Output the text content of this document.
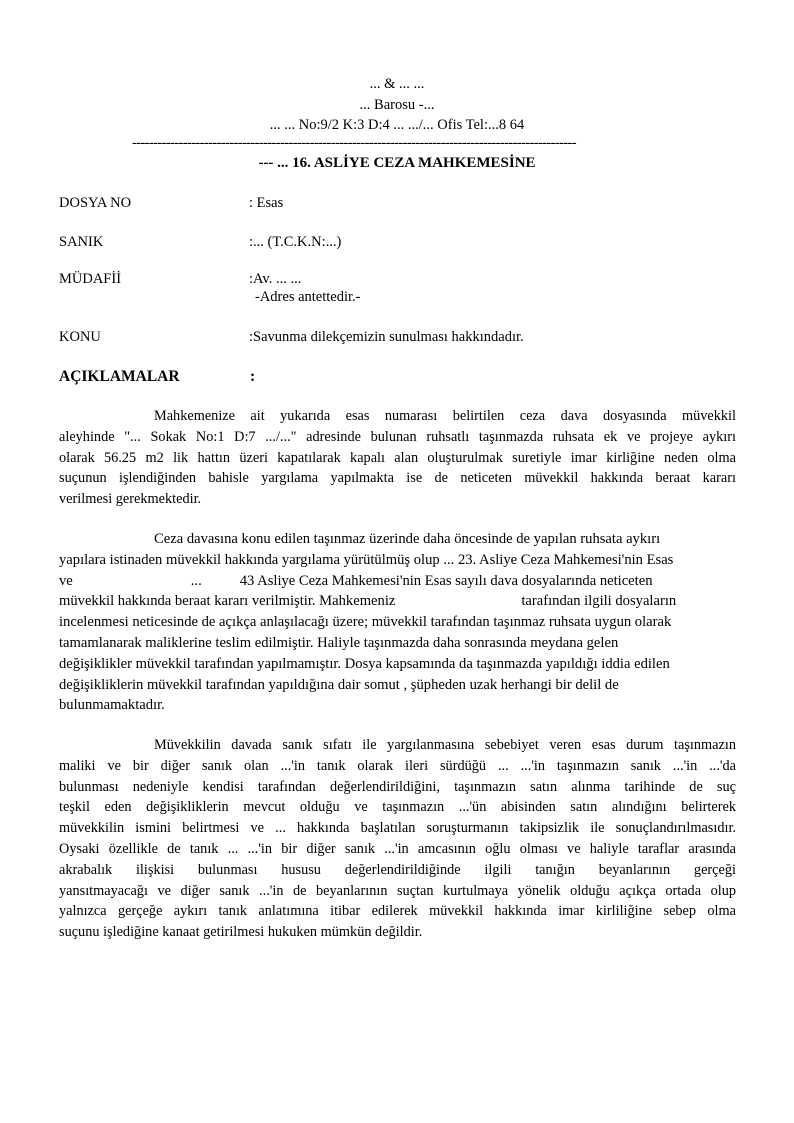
... & ... ...
... Barosu -...
... ... No:9/2 K:3 D:4 ... .../... Ofis Tel:...8 64
---------------------------------------------------------------------------------------------------------
--- ... 16. ASLİYE CEZA MAHKEMESİNE
DOSYA NO	: Esas
SANIK	:... (T.C.K.N:...)
MÜDAFİİ	:Av. ... ...
-Adres antettedir.-
KONU	:Savunma dilekçemizin sunulması hakkındadır.
AÇIKLAMALAR	:
Mahkemenize ait yukarıda esas numarası belirtilen ceza dava dosyasında müvekkil
aleyhinde "... Sokak No:1 D:7 .../..." adresinde bulunan ruhsatlı taşınmazda ruhsata ek ve projeye aykırı
olarak 56.25 m2 lik hattın üzeri kapatılarak kapalı alan oluşturulmak suretiyle imar kirliğine neden olma
suçunun işlendiğinden bahisle yargılama yapılmakta ise de neticeten müvekkil hakkında beraat kararı
verilmesi gerekmektedir.
Ceza davasına konu edilen taşınmaz üzerinde daha öncesinde de yapılan ruhsata aykırı
yapılara istinaden müvekkil hakkında yargılama yürütülmüş olup ... 23. Asliye Ceza Mahkemesi'nin Esas
ve	...	43 Asliye Ceza Mahkemesi'nin Esas sayılı dava dosyalarında neticeten
müvekkil hakkında beraat kararı verilmiştir. Mahkemeniz	tarafından ilgili dosyaların
incelenmesi neticesinde de açıkça anlaşılacağı üzere; müvekkil tarafından taşınmaz ruhsata uygun olarak
tamamlanarak maliklerine teslim edilmiştir. Haliyle taşınmazda daha sonrasında meydana gelen
değişiklikler müvekkil tarafından yapılmamıştır. Dosya kapsamında da taşınmazda yapıldığı iddia edilen
değişikliklerin müvekkil tarafından yapıldığına dair somut , şüpheden uzak herhangi bir delil de
bulunmamaktadır.
Müvekkilin davada sanık sıfatı ile yargılanmasına sebebiyet veren esas durum taşınmazın
maliki ve bir diğer sanık olan ...'in tanık olarak ileri sürdüğü ... ...'in taşınmazın sanık ...'in ...'da
bulunması nedeniyle kendisi tarafından değerlendirildiğini, taşınmazın satın alınma tarihinde de suç
teşkil eden değişikliklerin mevcut olduğu ve taşınmazın ...'ün abisinden satın alındığını belirterek
müvekkilin ismini belirtmesi ve ... hakkında başlatılan soruşturmanın takipsizlik ile sonuçlandırılmasıdır.
Oysaki özellikle de tanık ... ...'in bir diğer sanık ...'in amcasının oğlu olması ve haliyle taraflar arasında
akrabalık ilişkisi bulunması hususu değerlendirildiğinde ilgili tanığın beyanlarının gerçeği
yansıtmayacağı ve diğer sanık ...'in de beyanlarının suçtan kurtulmaya yönelik olduğu açıkça ortada olup
yalnızca gerçeğe aykırı tanık anlatımına itibar edilerek müvekkil hakkında imar kirliliğine sebep olma
suçunu işlediğine kanaat getirilmesi hukuken mümkün değildir.
